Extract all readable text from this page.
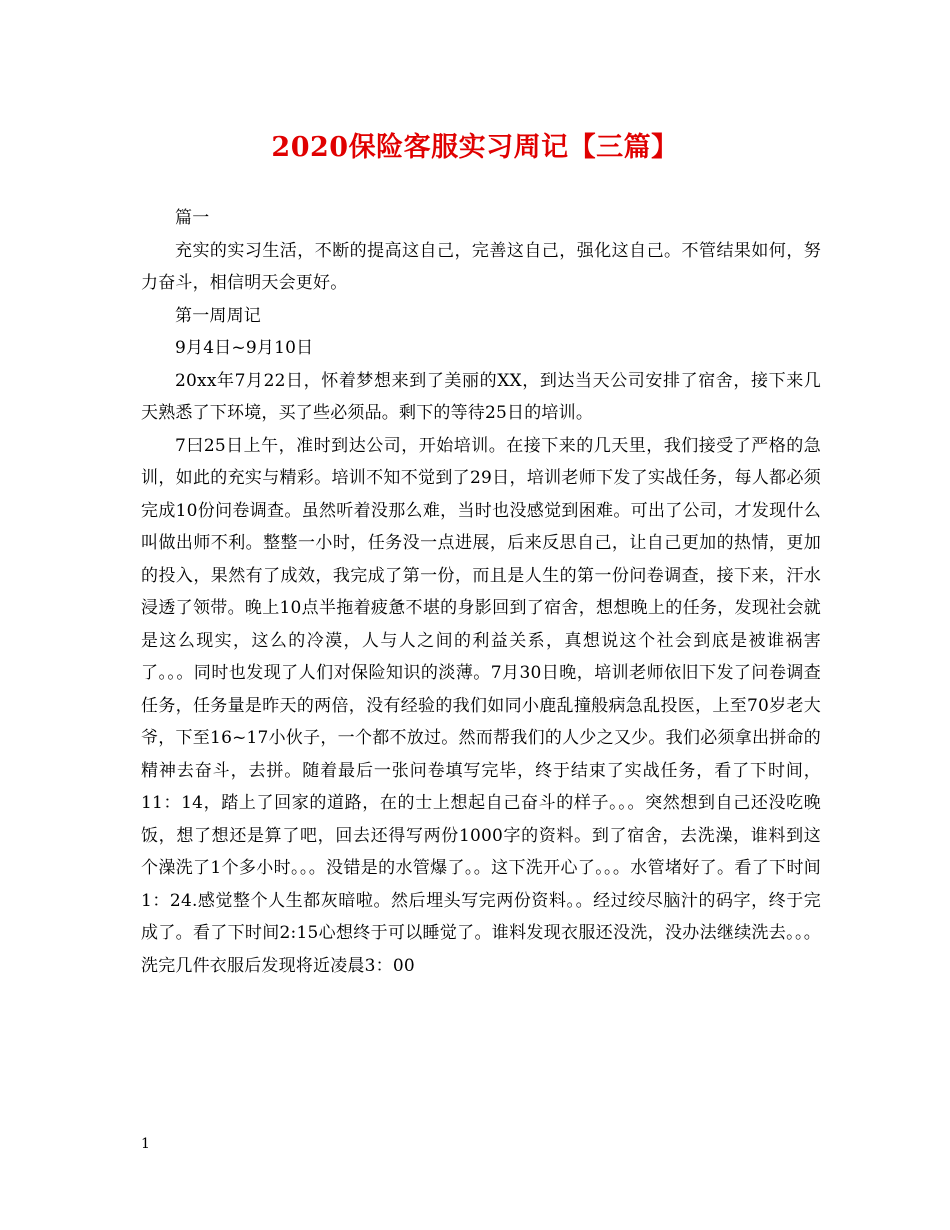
2020保险客服实习周记【三篇】

篇一

充实的实习生活，不断的提高这自己，完善这自己，强化这自己。不管结果如何，努力奋斗，相信明天会更好。

第一周周记

9月4日~9月10日

20xx年7月22日，怀着梦想来到了美丽的XX，到达当天公司安排了宿舍，接下来几天熟悉了下环境，买了些必须品。剩下的等待25日的培训。

7曰25日上午，准时到达公司，开始培训。在接下来的几天里，我们接受了严格的急训，如此的充实与精彩。培训不知不觉到了29日，培训老师下发了实战任务，每人都必须完成10份问卷调查。虽然听着没那么难，当时也没感觉到困难。可出了公司，才发现什么叫做出师不利。整整一小时，任务没一点进展，后来反思自己，让自己更加的热情，更加的投入，果然有了成效，我完成了第一份，而且是人生的第一份问卷调查，接下来，汗水浸透了领带。晚上10点半拖着疲惫不堪的身影回到了宿舍，想想晚上的任务，发现社会就是这么现实，这么的冷漠，人与人之间的利益关系，真想说这个社会到底是被谁祸害了。。。同时也发现了人们对保险知识的淡薄。7月30日晚，培训老师依旧下发了问卷调查任务，任务量是昨天的两倍，没有经验的我们如同小鹿乱撞般病急乱投医，上至70岁老大爷，下至16~17小伙子，一个都不放过。然而帮我们的人少之又少。我们必须拿出拼命的精神去奋斗，去拼。随着最后一张问卷填写完毕，终于结束了实战任务，看了下时间，11：14，踏上了回家的道路，在的士上想起自己奋斗的样子。。。突然想到自己还没吃晚饭，想了想还是算了吧，回去还得写两份1000字的资料。到了宿舍，去洗澡，谁料到这个澡洗了1个多小时。。。没错是的水管爆了。。这下洗开心了。。。水管堵好了。看了下时间1：24.感觉整个人生都灰暗啦。然后埋头写完两份资料。。经过绞尽脑汁的码字，终于完成了。看了下时间2:15心想终于可以睡觉了。谁料发现衣服还没洗，没办法继续洗去。。。洗完几件衣服后发现将近凌晨3：00

1
